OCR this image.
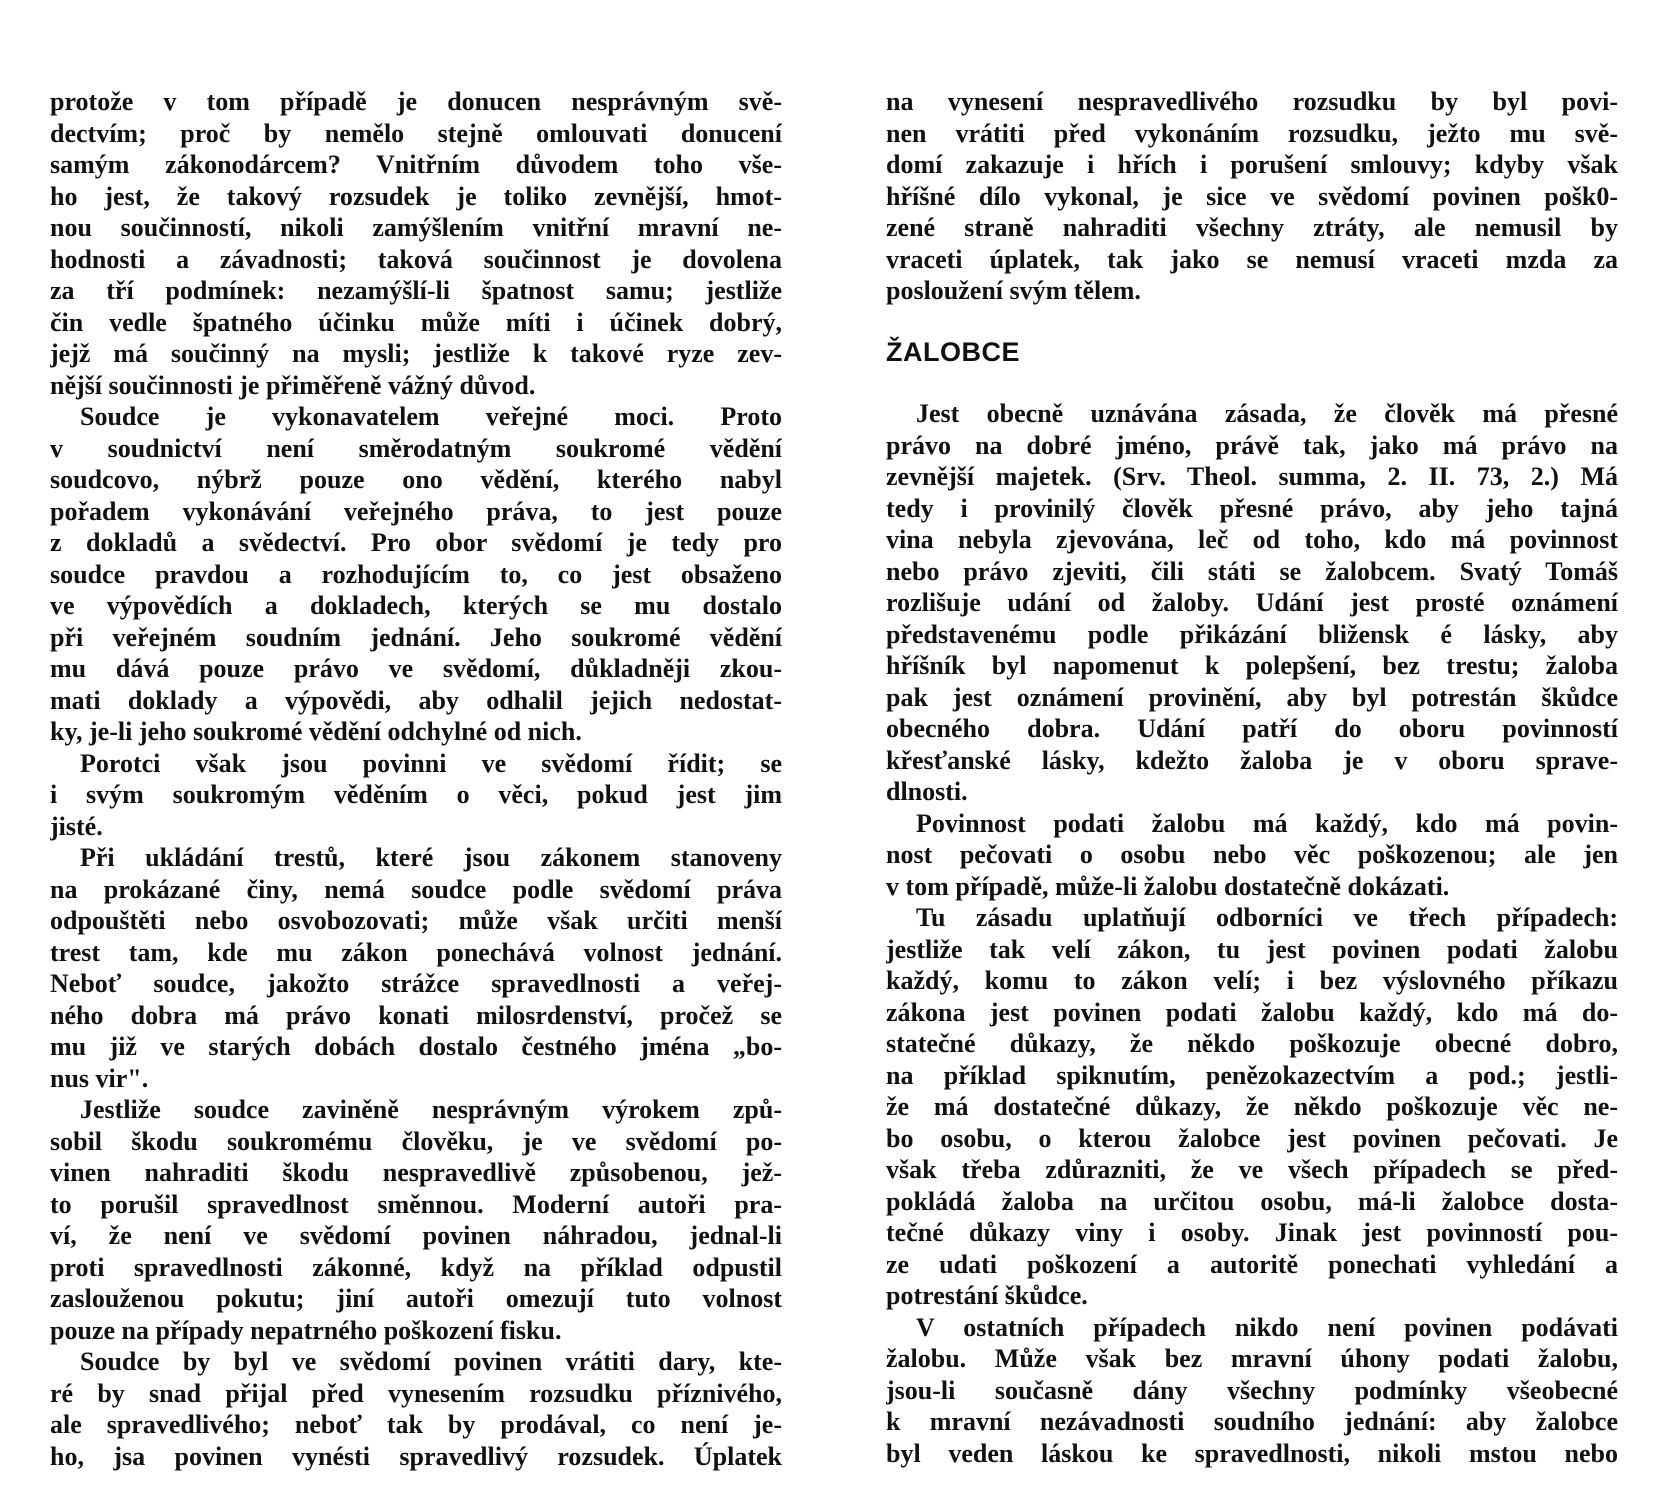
protože v tom případě je donucen nesprávným svě-
dectvím; proč by nemělo stejně omlouvati donucení
samým zákonodárcem? Vnitřním důvodem toho vše-
ho jest, že takový rozsudek je toliko zevnější, hmot-
nou součinností, nikoli zamýšlením vnitřní mravní ne-
hodnosti a závadnosti; taková součinnost je dovolena
za tří podmínek: nezamýšlí-li špatnost samu; jestliže
čin vedle špatného účinku může míti i účinek dobrý,
jejž má součinný na mysli; jestliže k takové ryze zev-
nější součinnosti je přiměřeně vážný důvod.
Soudce je vykonavatelem veřejné moci. Proto
v soudnictví není směrodatným soukromé vědění
soudcovo, nýbrž pouze ono vědění, kterého nabyl
pořadem vykonávání veřejného práva, to jest pouze
z dokladů a svědectví. Pro obor svědomí je tedy pro
soudce pravdou a rozhodujícím to, co jest obsaženo
ve výpovědích a dokladech, kterých se mu dostalo
při veřejném soudním jednání. Jeho soukromé vědění
mu dává pouze právo ve svědomí, důkladněji zkou-
mati doklady a výpovědi, aby odhalil jejich nedostat-
ky, je-li jeho soukromé vědění odchylné od nich.
Porotci však jsou povinni ve svědomí řídit; se
i svým soukromým věděním o věci, pokud jest jim
jisté.
Při ukládání trestů, které jsou zákonem stanoveny
na prokázané činy, nemá soudce podle svědomí práva
odpouštěti nebo osvobozovati; může však určiti menší
trest tam, kde mu zákon ponechává volnost jednání.
Neboť soudce, jakožto strážce spravedlnosti a veřej-
ného dobra má právo konati milosrdenství, pročež se
mu již ve starých dobách dostalo čestného jména „bo-
nus vir".
Jestliže soudce zaviněně nesprávným výrokem způ-
sobil škodu soukromému člověku, je ve svědomí po-
vinen nahraditi škodu nespravedlivě způsobenou, jež-
to porušil spravedlnost směnnou. Moderní autoři pra-
ví, že není ve svědomí povinen náhradou, jednal-li
proti spravedlnosti zákonné, když na příklad odpustil
zaslouženou pokutu; jiní autoři omezují tuto volnost
pouze na případy nepatrného poškození fisku.
Soudce by byl ve svědomí povinen vrátiti dary, kte-
ré by snad přijal před vynesením rozsudku příznivého,
ale spravedlivého; neboť tak by prodával, co není je-
ho, jsa povinen vynésti spravedlivý rozsudek. Úplatek
na vynesení nespravedlivého rozsudku by byl povi-
nen vrátiti před vykonáním rozsudku, ježto mu svě-
domí zakazuje i hřích i porušení smlouvy; kdyby však
hříšné dílo vykonal, je sice ve svědomí povinen pošk0-
zené straně nahraditi všechny ztráty, ale nemusil by
vraceti úplatek, tak jako se nemusí vraceti mzda za
posloužení svým tělem.
ŽALOBCE
Jest obecně uznávána zásada, že člověk má přesné
právo na dobré jméno, právě tak, jako má právo na
zevnější majetek. (Srv. Theol. summa, 2. II. 73, 2.) Má
tedy i provinilý člověk přesné právo, aby jeho tajná
vina nebyla zjevována, leč od toho, kdo má povinnost
nebo právo zjeviti, čili státi se žalobcem. Svatý Tomáš
rozlišuje udání od žaloby. Udání jest prosté oznámení
představenému podle přikázání bližensk é lásky, aby
hříšník byl napomenut k polepšení, bez trestu; žaloba
pak jest oznámení provinění, aby byl potrestán škůdce
obecného dobra. Udání patří do oboru povinností
křesťanské lásky, kdežto žaloba je v oboru sprave-
dlnosti.
Povinnost podati žalobu má každý, kdo má povin-
nost pečovati o osobu nebo věc poškozenou; ale jen
v tom případě, může-li žalobu dostatečně dokázati.
Tu zásadu uplatňují odborníci ve třech případech:
jestliže tak velí zákon, tu jest povinen podati žalobu
každý, komu to zákon velí; i bez výslovného příkazu
zákona jest povinen podati žalobu každý, kdo má do-
statečné důkazy, že někdo poškozuje obecné dobro,
na příklad spiknutím, penězokazectvím a pod.; jestli-
že má dostatečné důkazy, že někdo poškozuje věc ne-
bo osobu, o kterou žalobce jest povinen pečovati. Je
však třeba zdůrazniti, že ve všech případech se před-
pokládá žaloba na určitou osobu, má-li žalobce dosta-
tečné důkazy viny i osoby. Jinak jest povinností pou-
ze udati poškození a autoritě ponechati vyhledání a
potrestání škůdce.
V ostatních případech nikdo není povinen podávati
žalobu. Může však bez mravní úhony podati žalobu,
jsou-li současně dány všechny podmínky všeobecné
k mravní nezávadnosti soudního jednání: aby žalobce
byl veden láskou ke spravedlnosti, nikoli mstou nebo
